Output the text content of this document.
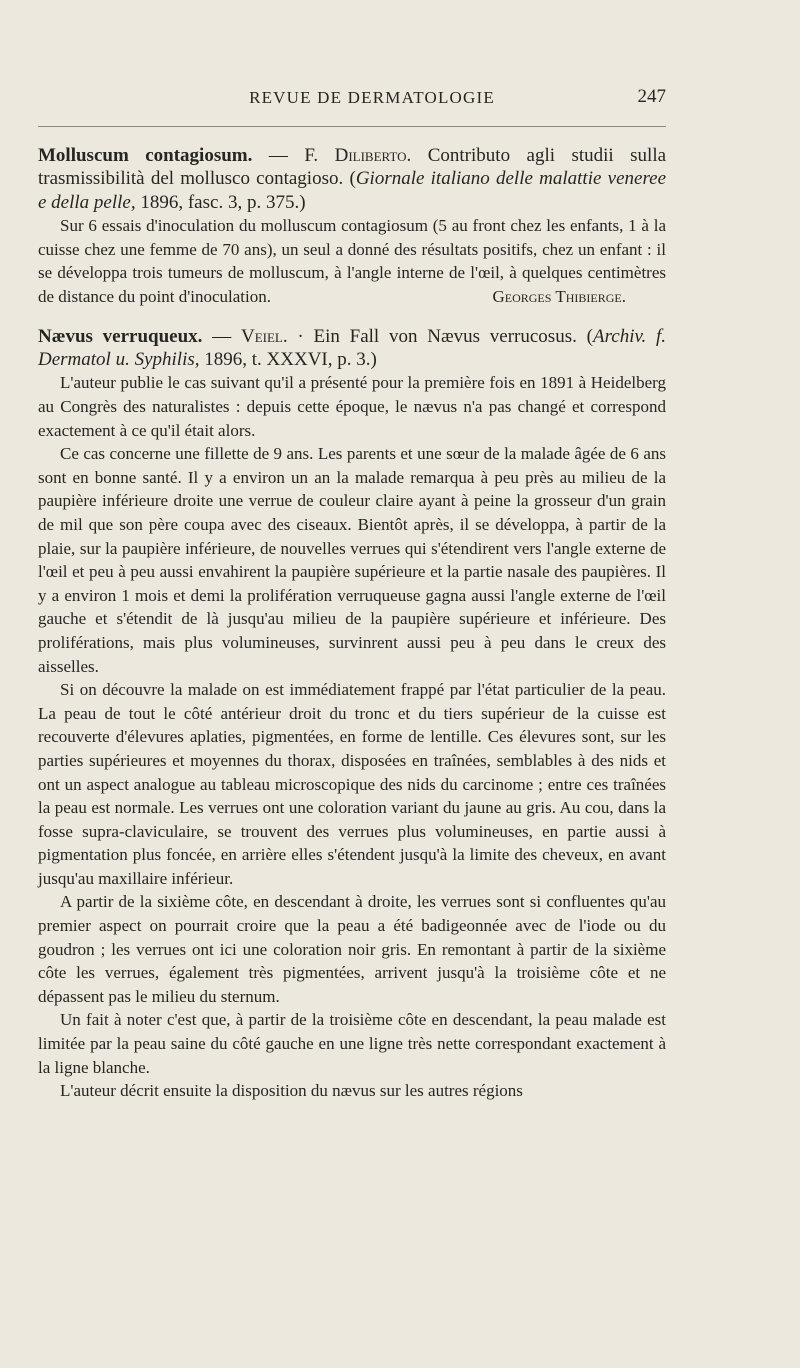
REVUE DE DERMATOLOGIE	247
Molluscum contagiosum. — F. Diliberto. Contributo agli studii sulla trasmissibilità del mollusco contagioso. (Giornale italiano delle malattie veneree e della pelle, 1896, fasc. 3, p. 375.)

Sur 6 essais d'inoculation du molluscum contagiosum (5 au front chez les enfants, 1 à la cuisse chez une femme de 70 ans), un seul a donné des résultats positifs, chez un enfant : il se développa trois tumeurs de molluscum, à l'angle interne de l'œil, à quelques centimètres de distance du point d'inoculation.	Georges Thibierge.

Nævus verruqueux. — Veiel. · Ein Fall von Nævus verrucosus. (Archiv. f. Dermatol u. Syphilis, 1896, t. XXXVI, p. 3.)

L'auteur publie le cas suivant qu'il a présenté pour la première fois en 1891 à Heidelberg au Congrès des naturalistes : depuis cette époque, le nævus n'a pas changé et correspond exactement à ce qu'il était alors.

Ce cas concerne une fillette de 9 ans. Les parents et une sœur de la malade âgée de 6 ans sont en bonne santé. Il y a environ un an la malade remarqua à peu près au milieu de la paupière inférieure droite une verrue de couleur claire ayant à peine la grosseur d'un grain de mil que son père coupa avec des ciseaux. Bientôt après, il se développa, à partir de la plaie, sur la paupière inférieure, de nouvelles verrues qui s'étendirent vers l'angle externe de l'œil et peu à peu aussi envahirent la paupière supérieure et la partie nasale des paupières. Il y a environ 1 mois et demi la prolifération verruqueuse gagna aussi l'angle externe de l'œil gauche et s'étendit de là jusqu'au milieu de la paupière supérieure et inférieure. Des proliférations, mais plus volumineuses, survinrent aussi peu à peu dans le creux des aisselles.

Si on découvre la malade on est immédiatement frappé par l'état particulier de la peau. La peau de tout le côté antérieur droit du tronc et du tiers supérieur de la cuisse est recouverte d'élevures aplaties, pigmentées, en forme de lentille. Ces élevures sont, sur les parties supérieures et moyennes du thorax, disposées en traînées, semblables à des nids et ont un aspect analogue au tableau microscopique des nids du carcinome ; entre ces traînées la peau est normale. Les verrues ont une coloration variant du jaune au gris. Au cou, dans la fosse supra-claviculaire, se trouvent des verrues plus volumineuses, en partie aussi à pigmentation plus foncée, en arrière elles s'étendent jusqu'à la limite des cheveux, en avant jusqu'au maxillaire inférieur.

A partir de la sixième côte, en descendant à droite, les verrues sont si confluentes qu'au premier aspect on pourrait croire que la peau a été badigeonnée avec de l'iode ou du goudron ; les verrues ont ici une coloration noir gris. En remontant à partir de la sixième côte les verrues, également très pigmentées, arrivent jusqu'à la troisième côte et ne dépassent pas le milieu du sternum.

Un fait à noter c'est que, à partir de la troisième côte en descendant, la peau malade est limitée par la peau saine du côté gauche en une ligne très nette correspondant exactement à la ligne blanche.

L'auteur décrit ensuite la disposition du nævus sur les autres régions
